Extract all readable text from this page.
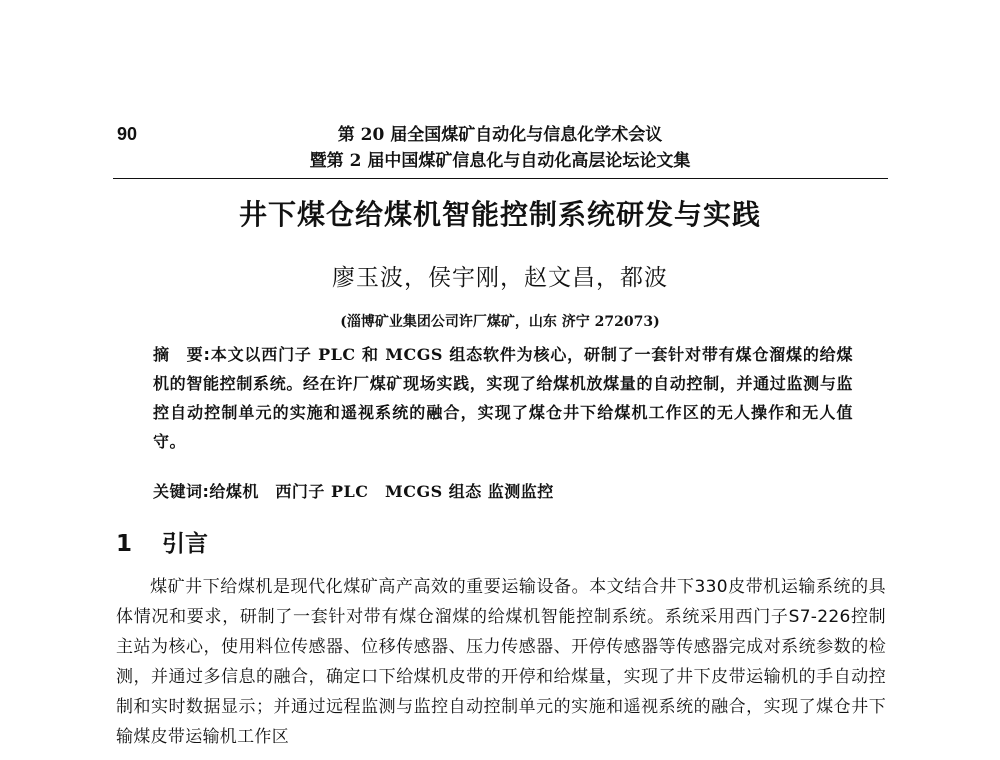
90	第 20 届全国煤矿自动化与信息化学术会议
暨第 2 届中国煤矿信息化与自动化高层论坛论文集
井下煤仓给煤机智能控制系统研发与实践
廖玉波，侯宇刚，赵文昌，都波
(淄博矿业集团公司许厂煤矿，山东 济宁 272073)
摘　要:本文以西门子 PLC 和 MCGS 组态软件为核心，研制了一套针对带有煤仓溜煤的给煤机的智能控制系统。经在许厂煤矿现场实践，实现了给煤机放煤量的自动控制，并通过监测与监控自动控制单元的实施和遥视系统的融合，实现了煤仓井下给煤机工作区的无人操作和无人值守。
关键词:给煤机　西门子 PLC　MCGS 组态 监测监控
1 引言
煤矿井下给煤机是现代化煤矿高产高效的重要运输设备。本文结合井下330皮带机运输系统的具体情况和要求，研制了一套针对带有煤仓溜煤的给煤机智能控制系统。系统采用西门子S7-226控制主站为核心，使用料位传感器、位移传感器、压力传感器、开停传感器等传感器完成对系统参数的检测，并通过多信息的融合，确定口下给煤机皮带的开停和给煤量，实现了井下皮带运输机的手自动控制和实时数据显示；并通过远程监测与监控自动控制单元的实施和遥视系统的融合，实现了煤仓井下输煤皮带运输机工作区
